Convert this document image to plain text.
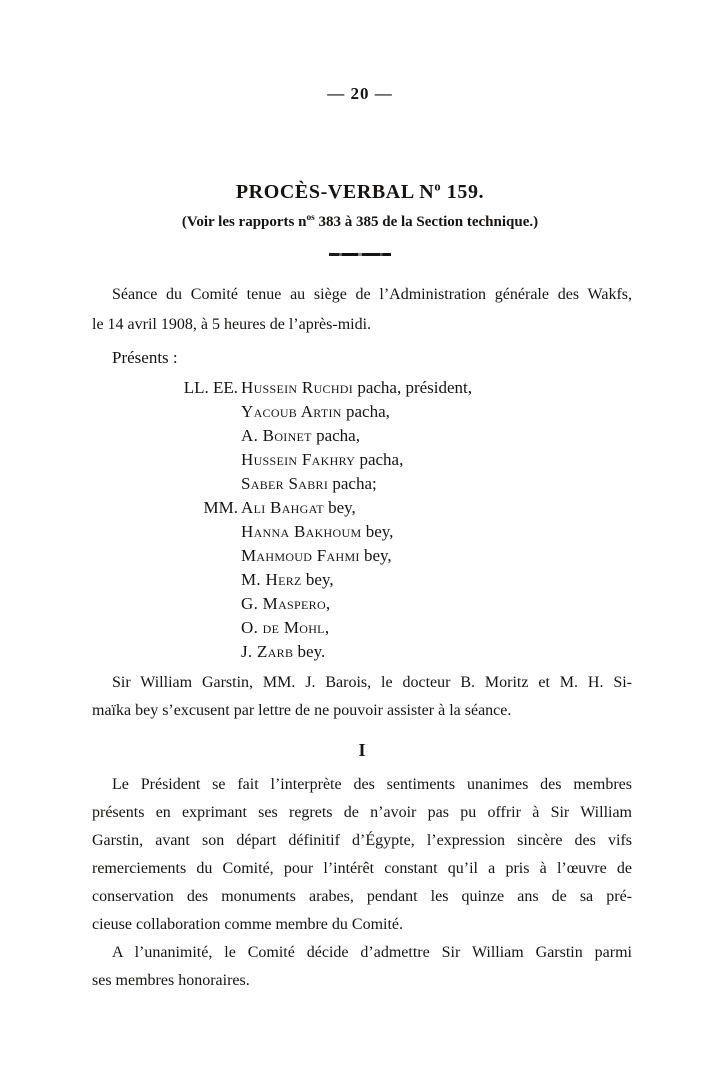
— 20 —
PROCÈS-VERBAL $N^o$ 159.
(Voir les rapports $n^{os}$ 383 à 385 de la Section technique.)
Séance du Comité tenue au siège de l’Administration générale des Wakfs,
le 14 avril 1908, à 5 heures de l’après-midi.
Présents :
LL. EE. Hussein Ruchdi pacha, président,
Yacoub Artin pacha,
A. Boinet pacha,
Hussein Fakhry pacha,
Saber Sabri pacha;
MM. Ali Bahgat bey,
Hanna Bakhoum bey,
Mahmoud Fahmi bey,
M. Herz bey,
G. Maspero,
O. de Mohl,
J. Zarb bey.
Sir William Garstin, MM. J. Barois, le docteur B. Moritz et M. H. Si-
maïka bey s’excusent par lettre de ne pouvoir assister à la séance.
I
Le Président se fait l’interprète des sentiments unanimes des membres
présents en exprimant ses regrets de n’avoir pas pu offrir à Sir William
Garstin, avant son départ définitif d’Égypte, l’expression sincère des vifs
remerciements du Comité, pour l’intérêt constant qu’il a pris à l’œuvre de
conservation des monuments arabes, pendant les quinze ans de sa pré-
cieuse collaboration comme membre du Comité.
A l’unanimité, le Comité décide d’admettre Sir William Garstin parmi
ses membres honoraires.
